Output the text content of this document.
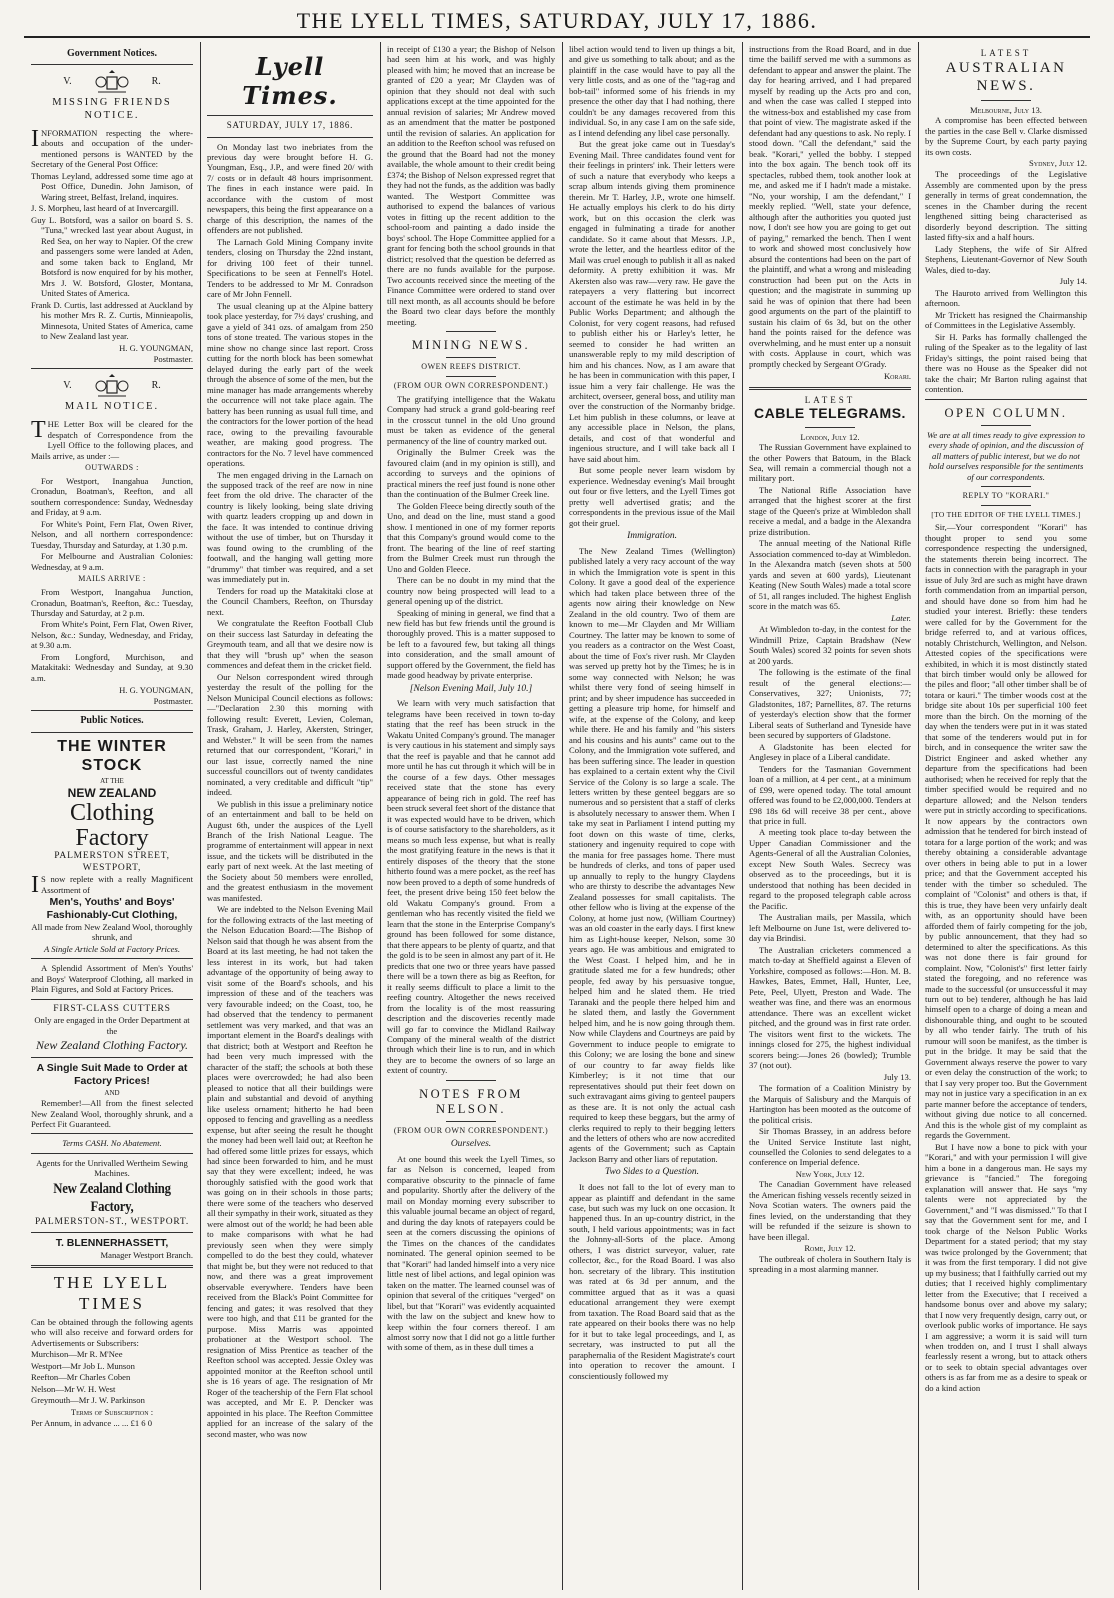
THE LYELL TIMES, SATURDAY, JULY 17, 1886.
Government Notices.
V.	R.
MISSING FRIENDS NOTICE.

INFORMATION respecting the where-abouts and occupation of the under-mentioned persons is WANTED by the Secretary of the General Post Office:

Thomas Leyland, addressed some time ago at Post Office, Dunedin. John Jamison, of Waring street, Belfast, Ireland, inquires.

J. S. Morpheu, last heard of at Invercargill.

Guy L. Botsford, was a sailor on board S. S. "Tuna," wrecked last year about August, in Red Sea, on her way to Napier. Of the crew and passengers some were landed at Aden, and some taken back to England, Mr Botsford is now enquired for by his mother, Mrs J. W. Botsford, Gloster, Montana, United States of America.

Frank D. Curtis, last addressed at Auckland by his mother Mrs R. Z. Curtis, Minnieapolis, Minnesota, United States of America, came to New Zealand last year.

H. G. YOUNGMAN,
Postmaster.
V.	R.
MAIL NOTICE.

THE Letter Box will be cleared for the despatch of Correspondence from the Lyell Office to the following places, and Mails arrive, as under :—

OUTWARDS :

For Westport, Inangahua Junction, Cronadun, Boatman's, Reefton, and all southern correspondence: Sunday, Wednesday and Friday, at 9 a.m.

For White's Point, Fern Flat, Owen River, Nelson, and all northern correspondence: Tuesday, Thursday and Saturday, at 1.30 p.m.

For Melbourne and Australian Colonies: Wednesday, at 9 a.m.

MAILS ARRIVE :

From Westport, Inangahua Junction, Cronadun, Boatman's, Reefton, &c.: Tuesday, Thursday and Saturday, at 2 p.m.

From White's Point, Fern Flat, Owen River, Nelson, &c.: Sunday, Wednesday, and Friday, at 9.30 a.m.

From Longford, Murchison, and Matakitaki: Wednesday and Sunday, at 9.30 a.m.

H. G. YOUNGMAN,
Postmaster.
Public Notices.
THE WINTER STOCK
AT THE
NEW ZEALAND
Clothing Factory
PALMERSTON STREET,
WESTPORT,

I S now replete with a really Magnificent Assortment of

Men's, Youths' and Boys' Fashionably-Cut Clothing,

All made from New Zealand Wool, thoroughly shrunk, and

A Single Article Sold at Factory Prices.

A Splendid Assortment of Men's Youths' and Boys' Waterproof Clothing, all marked in Plain Figures, and Sold at Factory Prices.

FIRST-CLASS CUTTERS

Only are engaged in the Order Department at the

New Zealand Clothing Factory.
A Single Suit Made to Order at Factory Prices!
AND

Remember!—All from the finest selected New Zealand Wool, thoroughly shrunk, and a Perfect Fit Guaranteed.

Terms CASH. No Abatement.

Agents for the Unrivalled Wertheim Sewing Machines.

New Zealand Clothing Factory,
PALMERSTON-ST., WESTPORT.
T. BLENNERHASSETT,

Manager Westport Branch.

THE LYELL TIMES

Can be obtained through the following agents who will also receive and forward orders for Advertisements or Subscribers:

Murchison—Mr R. M'Nee

Westport—Mr Job L. Munson

Reefton—Mr Charles Coben

Nelson—Mr W. H. West

Greymouth—Mr J. W. Parkinson

Terms of Subscription :

Per Annum, in advance ... ... £1 6 0

Lyell Times.
SATURDAY, JULY 17, 1886.

On Monday last two inebriates from the previous day were brought before H. G. Youngman, Esq., J.P., and were fined 20/ with 7/ costs or in default 48 hours imprisonment. The fines in each instance were paid. In accordance with the custom of most newspapers, this being the first appearance on a charge of this description, the names of the offenders are not published.

The Larnach Gold Mining Company invite tenders, closing on Thursday the 22nd instant, for driving 100 feet of their tunnel. Specifications to be seen at Fennell's Hotel. Tenders to be addressed to Mr M. Conradson care of Mr John Fennell.

The usual cleaning up at the Alpine battery took place yesterday, for 7½ days' crushing, and gave a yield of 341 ozs. of amalgam from 250 tons of stone treated. The various stopes in the mine show no change since last report. Cross cutting for the north block has been somewhat delayed during the early part of the week through the absence of some of the men, but the mine manager has made arrangements whereby the occurrence will not take place again. The battery has been running as usual full time, and the contractors for the lower portion of the head race, owing to the prevailing favourable weather, are making good progress. The contractors for the No. 7 level have commenced operations.

The men engaged driving in the Larnach on the supposed track of the reef are now in nine feet from the old drive. The character of the country is likely looking, being slate driving with quartz leaders cropping up and down in the face. It was intended to continue driving without the use of timber, but on Thursday it was found owing to the crumbling of the footwall, and the hanging wall getting more "drummy" that timber was required, and a set was immediately put in.

Tenders for road up the Matakitaki close at the Council Chambers, Reefton, on Thursday next.

We congratulate the Reefton Football Club on their success last Saturday in defeating the Greymouth team, and all that we desire now is that they will "brush up" when the season commences and defeat them in the cricket field.

Our Nelson correspondent wired through yesterday the result of the polling for the Nelson Municipal Council elections as follows:—"Declaration 2.30 this morning with following result: Everett, Levien, Coleman, Trask, Graham, J. Harley, Akersten, Stringer, and Webster." It will be seen from the names returned that our correspondent, "Korari," in our last issue, correctly named the nine successful councillors out of twenty candidates nominated, a very creditable and difficult "tip" indeed.

We publish in this issue a preliminary notice of an entertainment and ball to be held on August 6th, under the auspices of the Lyell Branch of the Irish National League. The programme of entertainment will appear in next issue, and the tickets will be distributed in the early part of next week. At the last meeting of the Society about 50 members were enrolled, and the greatest enthusiasm in the movement was manifested.

We are indebted to the Nelson Evening Mail for the following extracts of the last meeting of the Nelson Education Board:—The Bishop of Nelson said that though he was absent from the Board at its last meeting, he had not taken the less interest in its work, but had taken advantage of the opportunity of being away to visit some of the Board's schools, and his impression of these and of the teachers was very favourable indeed; on the Coast, too, he had observed that the tendency to permanent settlement was very marked, and that was an important element in the Board's dealings with that district; both at Westport and Reefton he had been very much impressed with the character of the staff; the schools at both these places were overcrowded; he had also been pleased to notice that all their buildings were plain and substantial and devoid of anything like useless ornament; hitherto he had been opposed to fencing and gravelling as a needless expense, but after seeing the result he thought the money had been well laid out; at Reefton he had offered some little prizes for essays, which had since been forwarded to him, and he must say that they were excellent; indeed, he was thoroughly satisfied with the good work that was going on in their schools in those parts; there were some of the teachers who deserved all their sympathy in their work, situated as they were almost out of the world; he had been able to make comparisons with what he had previously seen when they were simply compelled to do the best they could, whatever that might be, but they were not reduced to that now, and there was a great improvement observable everywhere. Tenders have been received from the Black's Point Committee for fencing and gates; it was resolved that they were too high, and that £11 be granted for the purpose. Miss Marris was appointed probationer at the Westport school. The resignation of Miss Prentice as teacher of the Reefton school was accepted. Jessie Oxley was appointed monitor at the Reefton school until she is 16 years of age. The resignation of Mr Roger of the teachership of the Fern Flat school was accepted, and Mr E. P. Dencker was appointed in his place. The Reefton Committee applied for an increase of the salary of the second master, who was now

in receipt of £130 a year; the Bishop of Nelson had seen him at his work, and was highly pleased with him; he moved that an increase be granted of £20 a year; Mr Clayden was of opinion that they should not deal with such applications except at the time appointed for the annual revision of salaries; Mr Andrew moved as an amendment that the matter be postponed until the revision of salaries. An application for an addition to the Reefton school was refused on the ground that the Board had not the money available, the whole amount to their credit being £374; the Bishop of Nelson expressed regret that they had not the funds, as the addition was badly wanted. The Westport Committee was authorised to expend the balances of various votes in fitting up the recent addition to the school-room and painting a dado inside the boys' school. The Hope Committee applied for a grant for fencing both the school grounds in that district; resolved that the question be deferred as there are no funds available for the purpose. Two accounts received since the meeting of the Finance Committee were ordered to stand over till next month, as all accounts should be before the Board two clear days before the monthly meeting.

MINING NEWS.
OWEN REEFS DISTRICT.
(FROM OUR OWN CORRESPONDENT.)

The gratifying intelligence that the Wakatu Company had struck a grand gold-bearing reef in the crosscut tunnel in the old Uno ground must be taken as evidence of the general permanency of the line of country marked out.

Originally the Bulmer Creek was the favoured claim (and in my opinion is still), and according to surveys and the opinions of practical miners the reef just found is none other than the continuation of the Bulmer Creek line.

The Golden Fleece being directly south of the Uno, and dead on the line, must stand a good show. I mentioned in one of my former reports that this Company's ground would come to the front. The bearing of the line of reef starting from the Bulmer Creek must run through the Uno and Golden Fleece.

There can be no doubt in my mind that the country now being prospected will lead to a general opening up of the district.

Speaking of mining in general, we find that a new field has but few friends until the ground is thoroughly proved. This is a matter supposed to be left to a favoured few, but taking all things into consideration, and the small amount of support offered by the Government, the field has made good headway by private enterprise.

[Nelson Evening Mail, July 10.]

We learn with very much satisfaction that telegrams have been received in town to-day stating that the reef has been struck in the Wakatu United Company's ground. The manager is very cautious in his statement and simply says that the reef is payable and that he cannot add more until he has cut through it which will be in the course of a few days. Other messages received state that the stone has every appearance of being rich in gold. The reef has been struck several feet short of the distance that it was expected would have to be driven, which is of course satisfactory to the shareholders, as it means so much less expense, but what is really the most gratifying feature in the news is that it entirely disposes of the theory that the stone hitherto found was a mere pocket, as the reef has now been proved to a depth of some hundreds of feet, the present drive being 150 feet below the old Wakatu Company's ground. From a gentleman who has recently visited the field we learn that the stone in the Enterprise Company's ground has been followed for some distance, that there appears to be plenty of quartz, and that the gold is to be seen in almost any part of it. He predicts that one two or three years have passed there will be a town there as big as Reefton, for it really seems difficult to place a limit to the reefing country. Altogether the news received from the locality is of the most reassuring description and the discoveries recently made will go far to convince the Midland Railway Company of the mineral wealth of the district through which their line is to run, and in which they are to become the owners of so large an extent of country.

NOTES FROM NELSON.
(FROM OUR OWN CORRESPONDENT.)
Ourselves.

At one bound this week the Lyell Times, so far as Nelson is concerned, leaped from comparative obscurity to the pinnacle of fame and popularity. Shortly after the delivery of the mail on Monday morning every subscriber to this valuable journal became an object of regard, and during the day knots of ratepayers could be seen at the corners discussing the opinions of the Times on the chances of the candidates nominated. The general opinion seemed to be that "Korari" had landed himself into a very nice little nest of libel actions, and legal opinion was taken on the matter. The learned counsel was of opinion that several of the critiques "verged" on libel, but that "Korari" was evidently acquainted with the law on the subject and knew how to keep within the four corners thereof. I am almost sorry now that I did not go a little further with some of them, as in these dull times a

libel action would tend to liven up things a bit, and give us something to talk about; and as the plaintiff in the case would have to pay all the very little costs, and as one of the "tag-rag and bob-tail" informed some of his friends in my presence the other day that I had nothing, there couldn't be any damages recovered from this individual. So, in any case I am on the safe side, as I intend defending any libel case personally.

But the great joke came out in Tuesday's Evening Mail. Three candidates found vent for their feelings in printers' ink. Their letters were of such a nature that everybody who keeps a scrap album intends giving them prominence therein. Mr T. Harley, J.P., wrote one himself. He actually employs his clerk to do his dirty work, but on this occasion the clerk was engaged in fulminating a tirade for another candidate. So it came about that Messrs. J.P., wrote the letter, and the heartless editor of the Mail was cruel enough to publish it all as naked deformity. A pretty exhibition it was. Mr Akersten also was raw—very raw. He gave the ratepayers a very flattering but incorrect account of the estimate he was held in by the Public Works Department; and although the Colonist, for very cogent reasons, had refused to publish either his or Harley's letter, he seemed to consider he had written an unanswerable reply to my mild description of him and his chances. Now, as I am aware that he has been in communication with this paper, I issue him a very fair challenge. He was the architect, overseer, general boss, and utility man over the construction of the Normanby bridge. Let him publish in these columns, or leave at any accessible place in Nelson, the plans, details, and cost of that wonderful and ingenious structure, and I will take back all I have said about him.

But some people never learn wisdom by experience. Wednesday evening's Mail brought out four or five letters, and the Lyell Times got pretty well advertised gratis; and the correspondents in the previous issue of the Mail got their gruel.

Immigration.

The New Zealand Times (Wellington) published lately a very racy account of the way in which the Immigration vote is spent in this Colony. It gave a good deal of the experience which had taken place between three of the agents now airing their knowledge on New Zealand in the old country. Two of them are known to me—Mr Clayden and Mr William Courtney. The latter may be known to some of you readers as a contractor on the West Coast, about the time of Fox's river rush. Mr Clayden was served up pretty hot by the Times; he is in some way connected with Nelson; he was whilst there very fond of seeing himself in print; and by sheer impudence has succeeded in getting a pleasure trip home, for himself and wife, at the expense of the Colony, and keep while there. He and his family and "his sisters and his cousins and his aunts" came out to the Colony, and the Immigration vote suffered, and has been suffering since. The leader in question has explained to a certain extent why the Civil Service of the Colony is so large a scale. The letters written by these genteel beggars are so numerous and so persistent that a staff of clerks is absolutely necessary to answer them. When I take my seat in Parliament I intend putting my foot down on this waste of time, clerks, stationery and ingenuity required to cope with the mania for free passages home. There must be hundreds of clerks, and tons of paper used up annually to reply to the hungry Claydens who are thirsty to describe the advantages New Zealand possesses for small capitalists. The other fellow who is living at the expense of the Colony, at home just now, (William Courtney) was an old coaster in the early days. I first knew him as Light-house keeper, Nelson, some 30 years ago. He was ambitious and emigrated to the West Coast. I helped him, and he in gratitude slated me for a few hundreds; other people, fed away by his persuasive tongue, helped him and he slated them. He tried Taranaki and the people there helped him and he slated them, and lastly the Government helped him, and he is now going through them. Now while Claydens and Courtneys are paid by Government to induce people to emigrate to this Colony; we are losing the bone and sinew of our country to far away fields like Kimberley; is it not time that our representatives should put their feet down on such extravagant aims giving to genteel paupers as these are. It is not only the actual cash required to keep these beggars, but the army of clerks required to reply to their begging letters and the letters of others who are now accredited agents of the Government; such as Captain Jackson Barry and other liars of reputation.

Two Sides to a Question.

It does not fall to the lot of every man to appear as plaintiff and defendant in the same case, but such was my luck on one occasion. It happened thus. In an up-country district, in the south, I held various appointments; was in fact the Johnny-all-Sorts of the place. Among others, I was district surveyor, valuer, rate collector, &c., for the Road Board. I was also hon. secretary of the library. This institution was rated at 6s 3d per annum, and the committee argued that as it was a quasi educational arrangement they were exempt from taxation. The Road Board said that as the rate appeared on their books there was no help for it but to take legal proceedings, and I, as secretary, was instructed to put all the paraphernalia of the Resident Magistrate's court into operation to recover the amount. I conscientiously followed my

instructions from the Road Board, and in due time the bailiff served me with a summons as defendant to appear and answer the plaint. The day for hearing arrived, and I had prepared myself by reading up the Acts pro and con, and when the case was called I stepped into the witness-box and established my case from that point of view. The magistrate asked if the defendant had any questions to ask. No reply. I stood down. "Call the defendant," said the beak. "Korari," yelled the bobby. I stepped into the box again. The bench took off its spectacles, rubbed them, took another look at me, and asked me if I hadn't made a mistake. "No, your worship, I am the defendant," I meekly replied. "Well, state your defence, although after the authorities you quoted just now, I don't see how you are going to get out of paying," remarked the bench. Then I went to work and showed most conclusively how absurd the contentions had been on the part of the plaintiff, and what a wrong and misleading construction had been put on the Acts in question; and the magistrate in summing up said he was of opinion that there had been good arguments on the part of the plaintiff to sustain his claim of 6s 3d, but on the other hand the points raised for the defence was overwhelming, and he must enter up a nonsuit with costs. Applause in court, which was promptly checked by Sergeant O'Grady.

Korari.
LATEST
CABLE TELEGRAMS.
London, July 12.

The Russian Government have explained to the other Powers that Batoum, in the Black Sea, will remain a commercial though not a military port.

The National Rifle Association have arranged that the highest scorer at the first stage of the Queen's prize at Wimbledon shall receive a medal, and a badge in the Alexandra prize distribution.

The annual meeting of the National Rifle Association commenced to-day at Wimbledon. In the Alexandra match (seven shots at 500 yards and seven at 600 yards), Lieutenant Keating (New South Wales) made a total score of 51, all ranges included. The highest English score in the match was 65.

Later.

At Wimbledon to-day, in the contest for the Windmill Prize, Captain Bradshaw (New South Wales) scored 32 points for seven shots at 200 yards.

The following is the estimate of the final result of the general elections:—Conservatives, 327; Unionists, 77; Gladstonites, 187; Parnellites, 87. The returns of yesterday's election show that the former Liberal seats of Sutherland and Tyneside have been secured by supporters of Gladstone.

A Gladstonite has been elected for Anglesey in place of a Liberal candidate.

Tenders for the Tasmanian Government loan of a million, at 4 per cent., at a minimum of £99, were opened today. The total amount offered was found to be £2,000,000. Tenders at £98 18s 6d will receive 38 per cent., above that price in full.

A meeting took place to-day between the Upper Canadian Commissioner and the Agents-General of all the Australian Colonies, except New South Wales. Secrecy was observed as to the proceedings, but it is understood that nothing has been decided in regard to the proposed telegraph cable across the Pacific.

The Australian mails, per Massila, which left Melbourne on June 1st, were delivered to-day via Brindisi.

The Australian cricketers commenced a match to-day at Sheffield against a Eleven of Yorkshire, composed as follows:—Hon. M. B. Hawkes, Bates, Emmet, Hall, Hunter, Lee, Pete, Peel, Ulyett, Preston and Wade. The weather was fine, and there was an enormous attendance. There was an excellent wicket pitched, and the ground was in first rate order. The visitors went first to the wickets. The innings closed for 275, the highest individual scorers being:—Jones 26 (bowled); Trumble 37 (not out).

July 13.

The formation of a Coalition Ministry by the Marquis of Salisbury and the Marquis of Hartington has been mooted as the outcome of the political crisis.

Sir Thomas Brassey, in an address before the United Service Institute last night, counselled the Colonies to send delegates to a conference on Imperial defence.

New York, July 12.

The Canadian Government have released the American fishing vessels recently seized in Nova Scotian waters. The owners paid the fines levied, on the understanding that they will be refunded if the seizure is shown to have been illegal.

Rome, July 12.

The outbreak of cholera in Southern Italy is spreading in a most alarming manner.

LATEST
AUSTRALIAN NEWS.
Melbourne, July 13.

A compromise has been effected between the parties in the case Bell v. Clarke dismissed by the Supreme Court, by each party paying its own costs.

Sydney, July 12.

The proceedings of the Legislative Assembly are commented upon by the press generally in terms of great condemnation, the scenes in the Chamber during the recent lengthened sitting being characterised as disorderly beyond description. The sitting lasted fifty-six and a half hours.

Lady Stephens, the wife of Sir Alfred Stephens, Lieutenant-Governor of New South Wales, died to-day.

July 14.

The Hauroto arrived from Wellington this afternoon.

Mr Trickett has resigned the Chairmanship of Committees in the Legislative Assembly.

Sir H. Parks has formally challenged the ruling of the Speaker as to the legality of last Friday's sittings, the point raised being that there was no House as the Speaker did not take the chair; Mr Barton ruling against that contention.

OPEN COLUMN.

We are at all times ready to give expression to every shade of opinion, and the discussion of all matters of public interest, but we do not hold ourselves responsible for the sentiments of our correspondents.

REPLY TO "KORARI."
[TO THE EDITOR OF THE LYELL TIMES.]

Sir,—Your correspondent "Korari" has thought proper to send you some correspondence respecting the undersigned, the statements therein being incorrect. The facts in connection with the paragraph in your issue of July 3rd are such as might have drawn forth commendation from an impartial person, and should have done so from him had he studied your interest. Briefly: these tenders were called for by the Government for the bridge referred to, and at various offices, notably Christchurch, Wellington, and Nelson. Attested copies of the specifications were exhibited, in which it is most distinctly stated that birch timber would only be allowed for the piles and floor; "all other timber shall be of totara or kauri." The timber woods cost at the bridge site about 10s per superficial 100 feet more than the birch. On the morning of the day when the tenders were put in it was stated that some of the tenderers would put in for birch, and in consequence the writer saw the District Engineer and asked whether any departure from the specifications had been authorised; when he received for reply that the timber specified would be required and no departure allowed; and the Nelson tenders were put in strictly according to specifications. It now appears by the contractors own admission that he tendered for birch instead of totara for a large portion of the work; and was thereby obtaining a considerable advantage over others in being able to put in a lower price; and that the Government accepted his tender with the timber so scheduled. The complaint of "Colonist" and others is that, if this is true, they have been very unfairly dealt with, as an opportunity should have been afforded them of fairly competing for the job, by public announcement, that they had so determined to alter the specifications. As this was not done there is fair ground for complaint. Now, "Colonist's" first letter fairly stated the foregoing, and no reference was made to the successful (or unsuccessful it may turn out to be) tenderer, although he has laid himself open to a charge of doing a mean and dishonourable thing, and ought to be scouted by all who tender fairly. The truth of his rumour will soon be manifest, as the timber is put in the bridge. It may be said that the Government always reserve the power to vary or even delay the construction of the work; to that I say very proper too. But the Government may not in justice vary a specification in an ex parte manner before the acceptance of tenders, without giving due notice to all concerned. And this is the whole gist of my complaint as regards the Government.

But I have now a bone to pick with your "Korari," and with your permission I will give him a bone in a dangerous man. He says my grievance is "fancied." The foregoing explanation will answer that. He says "my talents were not appreciated by the Government," and "I was dismissed." To that I say that the Government sent for me, and I took charge of the Nelson Public Works Department for a stated period; that my stay was twice prolonged by the Government; that it was from the first temporary. I did not give up my business; that I faithfully carried out my duties; that I received highly complimentary letter from the Executive; that I received a handsome bonus over and above my salary; that I now very frequently design, carry out, or overlook public works of importance. He says I am aggressive; a worm it is said will turn when trodden on, and I trust I shall always fearlessly resent a wrong, but to attack others or to seek to obtain special advantages over others is as far from me as a desire to speak or do a kind action
